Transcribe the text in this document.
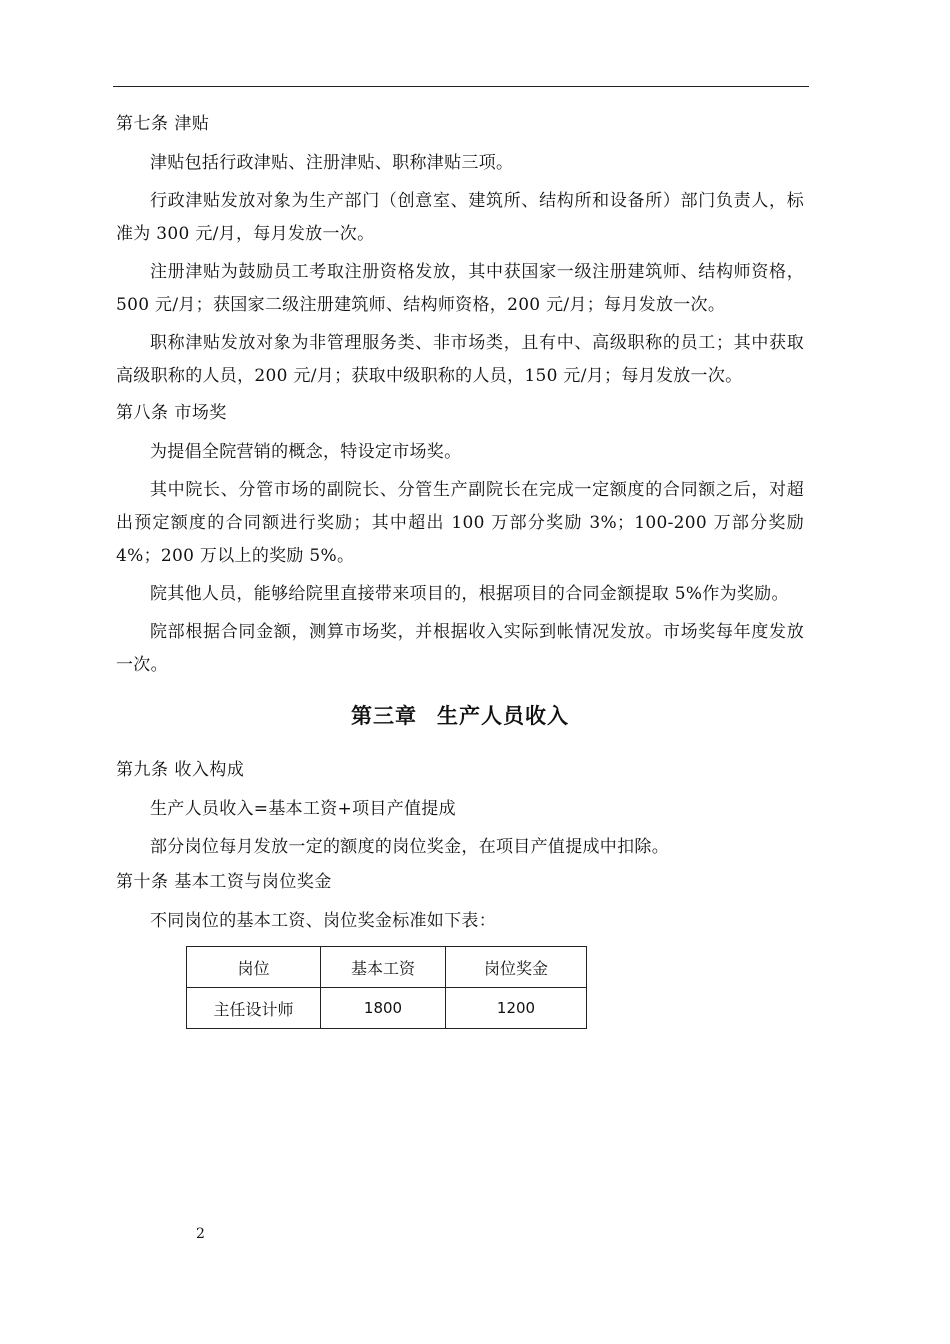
第七条 津贴

津贴包括行政津贴、注册津贴、职称津贴三项。

行政津贴发放对象为生产部门（创意室、建筑所、结构所和设备所）部门负责人，标准为 300 元/月，每月发放一次。

注册津贴为鼓励员工考取注册资格发放，其中获国家一级注册建筑师、结构师资格，500 元/月；获国家二级注册建筑师、结构师资格，200 元/月；每月发放一次。

职称津贴发放对象为非管理服务类、非市场类，且有中、高级职称的员工；其中获取高级职称的人员，200 元/月；获取中级职称的人员，150 元/月；每月发放一次。

第八条 市场奖

为提倡全院营销的概念，特设定市场奖。

其中院长、分管市场的副院长、分管生产副院长在完成一定额度的合同额之后，对超出预定额度的合同额进行奖励；其中超出 100 万部分奖励 3%；100-200 万部分奖励 4%；200 万以上的奖励 5%。

院其他人员，能够给院里直接带来项目的，根据项目的合同金额提取 5%作为奖励。

院部根据合同金额，测算市场奖，并根据收入实际到帐情况发放。市场奖每年度发放一次。

第三章 生产人员收入
第九条 收入构成

生产人员收入=基本工资+项目产值提成

部分岗位每月发放一定的额度的岗位奖金，在项目产值提成中扣除。

第十条 基本工资与岗位奖金

不同岗位的基本工资、岗位奖金标准如下表：

岗位	基本工资	岗位奖金
主任设计师	1800	1200
2
